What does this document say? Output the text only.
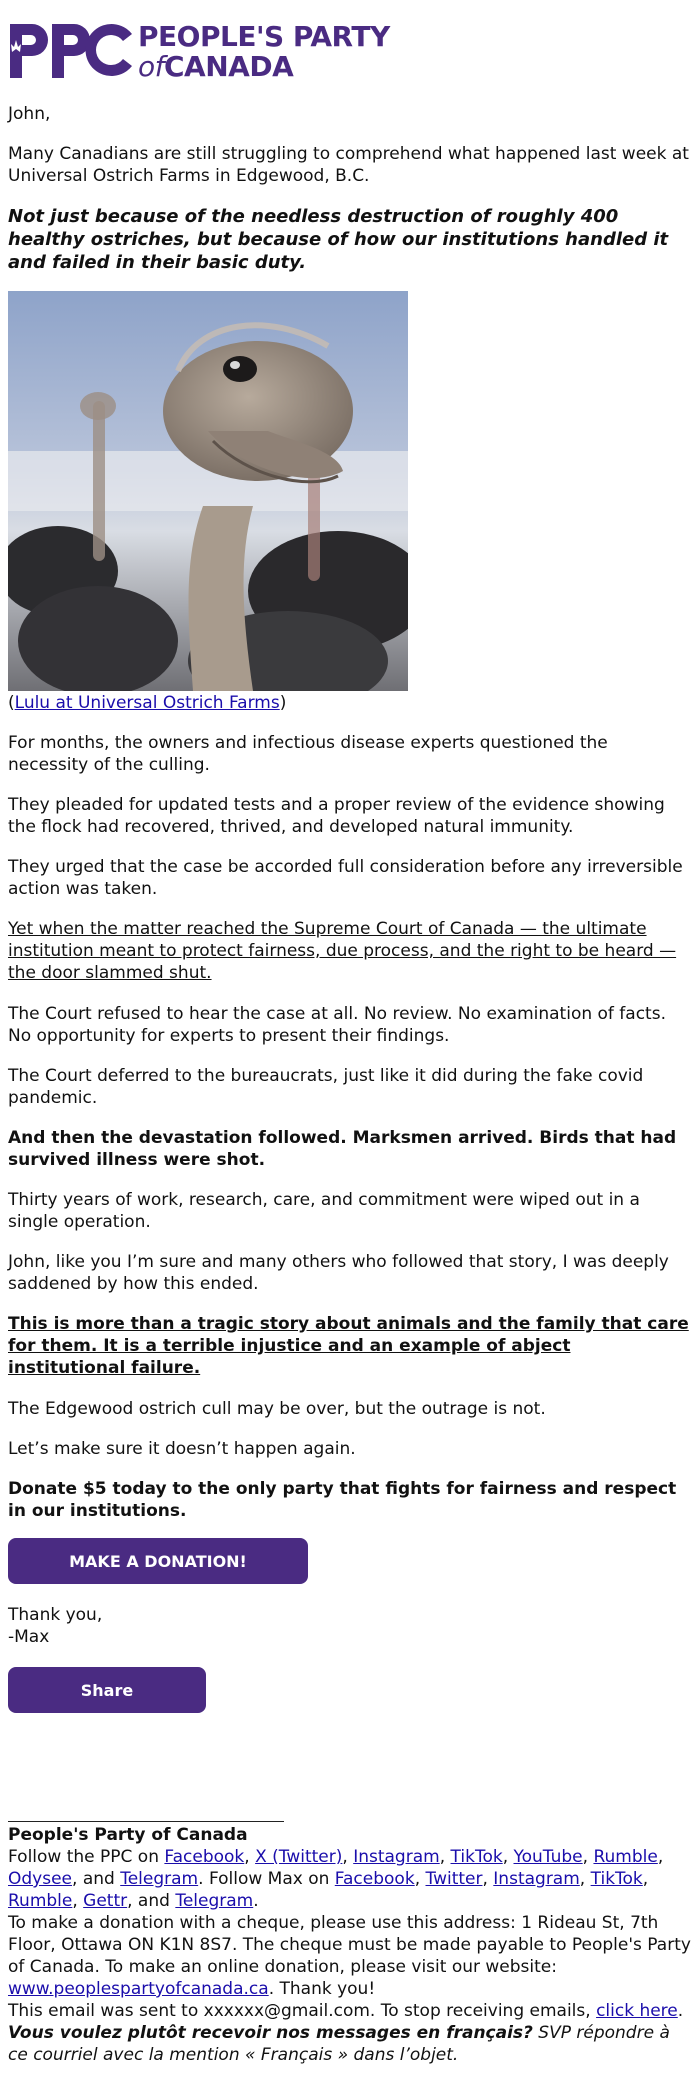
PEOPLE'S PARTY
ofCANADA

John,

Many Canadians are still struggling to comprehend what happened last week at Universal Ostrich Farms in Edgewood, B.C.

Not just because of the needless destruction of roughly 400 healthy ostriches, but because of how our institutions handled it and failed in their basic duty.

(Lulu at Universal Ostrich Farms)

For months, the owners and infectious disease experts questioned the necessity of the culling.

They pleaded for updated tests and a proper review of the evidence showing the flock had recovered, thrived, and developed natural immunity.

They urged that the case be accorded full consideration before any irreversible action was taken.

Yet when the matter reached the Supreme Court of Canada — the ultimate institution meant to protect fairness, due process, and the right to be heard — the door slammed shut.

The Court refused to hear the case at all. No review. No examination of facts. No opportunity for experts to present their findings.

The Court deferred to the bureaucrats, just like it did during the fake covid pandemic.

And then the devastation followed. Marksmen arrived. Birds that had survived illness were shot.

Thirty years of work, research, care, and commitment were wiped out in a single operation.

John, like you I’m sure and many others who followed that story, I was deeply saddened by how this ended.

This is more than a tragic story about animals and the family that care for them. It is a terrible injustice and an example of abject institutional failure.

The Edgewood ostrich cull may be over, but the outrage is not.

Let’s make sure it doesn’t happen again.

Donate $5 today to the only party that fights for fairness and respect in our institutions.

MAKE A DONATION!

Thank you,

-Max

Share
People's Party of Canada
Follow the PPC on Facebook, X (Twitter), Instagram, TikTok, YouTube, Rumble, Odysee, and Telegram. Follow Max on Facebook, Twitter, Instagram, TikTok, Rumble, Gettr, and Telegram.
To make a donation with a cheque, please use this address: 1 Rideau St, 7th Floor, Ottawa ON K1N 8S7. The cheque must be made payable to People's Party of Canada. To make an online donation, please visit our website: www.peoplespartyofcanada.ca. Thank you!
This email was sent to xxxxxx@gmail.com. To stop receiving emails, click here.
Vous voulez plutôt recevoir nos messages en français? SVP répondre à ce courriel avec la mention « Français » dans l’objet.
